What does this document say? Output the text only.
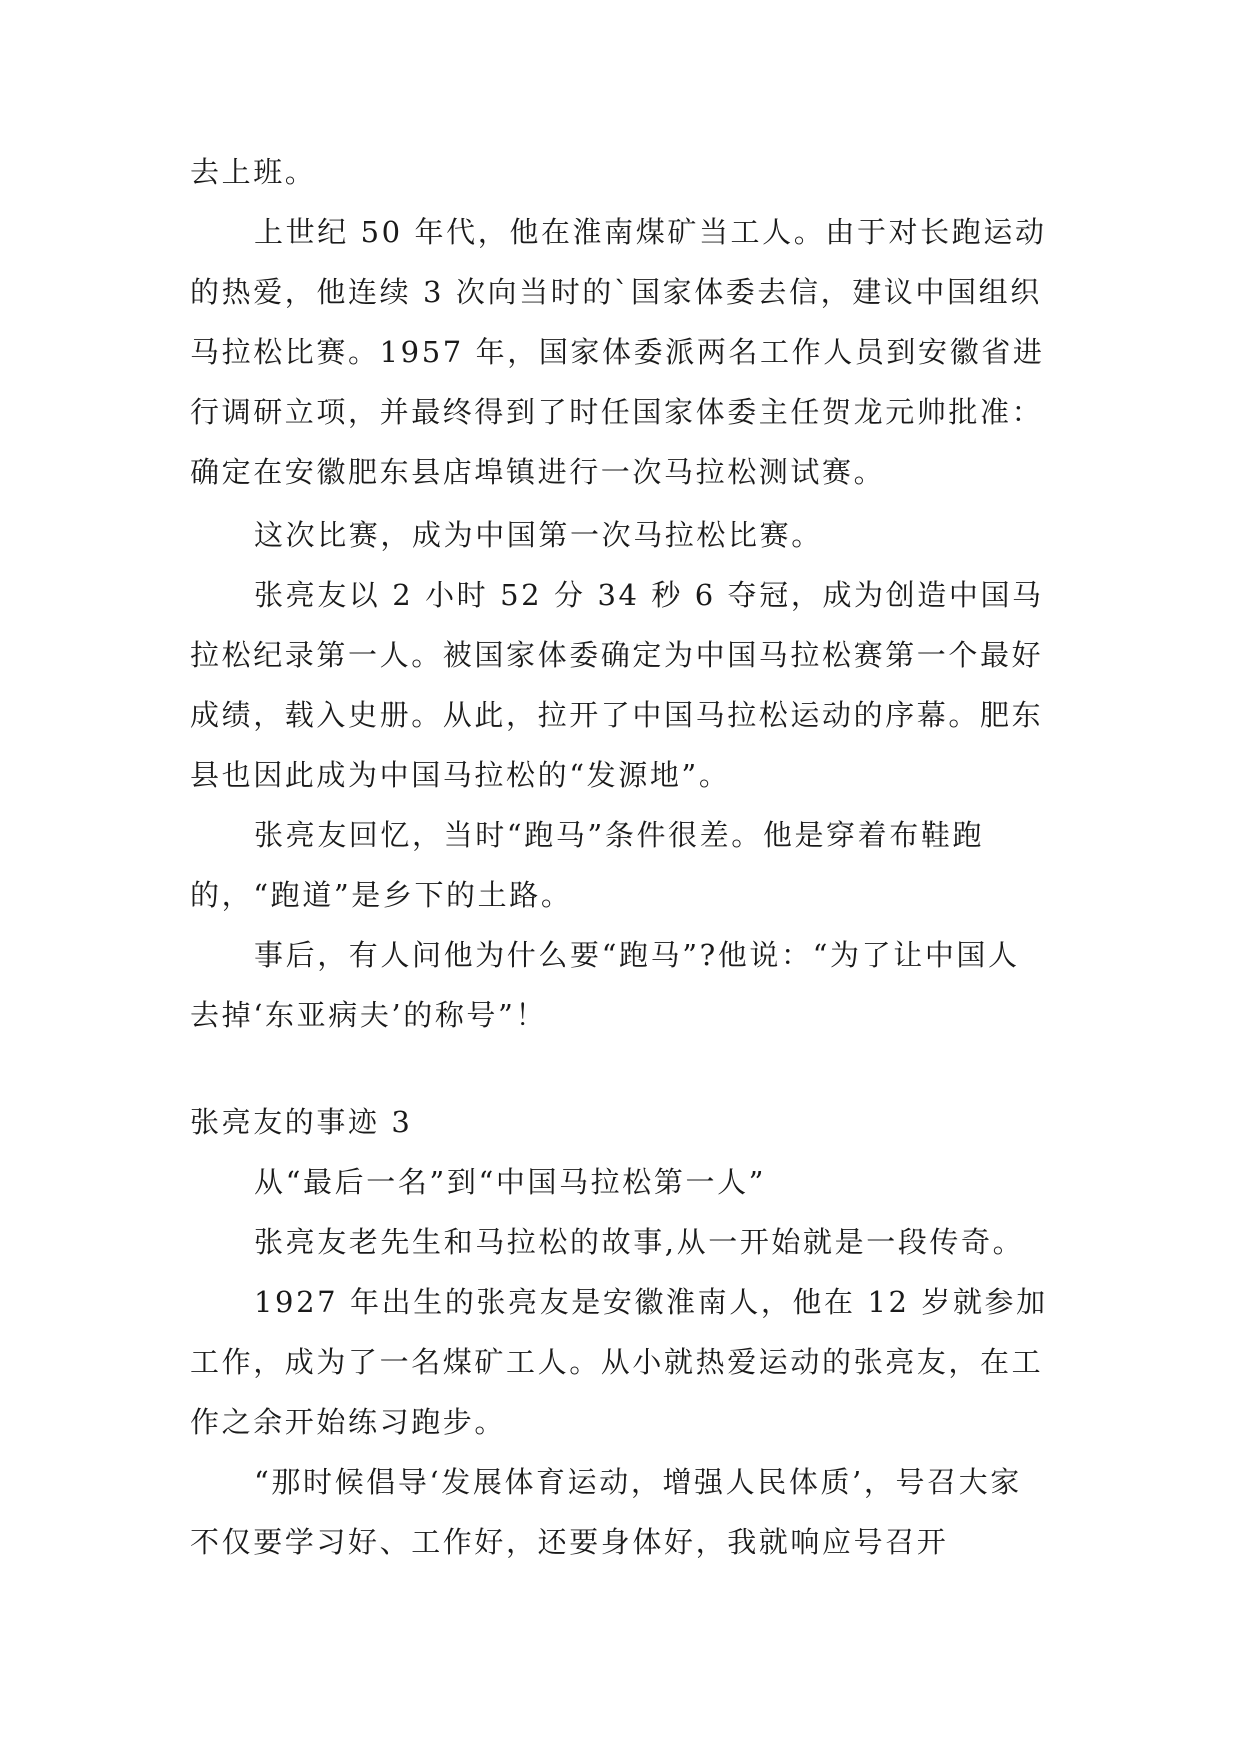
去上班。

上世纪 50 年代，他在淮南煤矿当工人。由于对长跑运动的热爱，他连续 3 次向当时的`国家体委去信，建议中国组织马拉松比赛。1957 年，国家体委派两名工作人员到安徽省进行调研立项，并最终得到了时任国家体委主任贺龙元帅批准：确定在安徽肥东县店埠镇进行一次马拉松测试赛。

这次比赛，成为中国第一次马拉松比赛。

张亮友以 2 小时 52 分 34 秒 6 夺冠，成为创造中国马拉松纪录第一人。被国家体委确定为中国马拉松赛第一个最好成绩，载入史册。从此，拉开了中国马拉松运动的序幕。肥东县也因此成为中国马拉松的“发源地”。

张亮友回忆，当时“跑马”条件很差。他是穿着布鞋跑的，“跑道”是乡下的土路。

事后，有人问他为什么要“跑马”?他说：“为了让中国人去掉‘东亚病夫’的称号”！

张亮友的事迹 3

从“最后一名”到“中国马拉松第一人”

张亮友老先生和马拉松的故事,从一开始就是一段传奇。

1927 年出生的张亮友是安徽淮南人，他在 12 岁就参加工作，成为了一名煤矿工人。从小就热爱运动的张亮友，在工作之余开始练习跑步。

“那时候倡导‘发展体育运动，增强人民体质’，号召大家不仅要学习好、工作好，还要身体好，我就响应号召开
